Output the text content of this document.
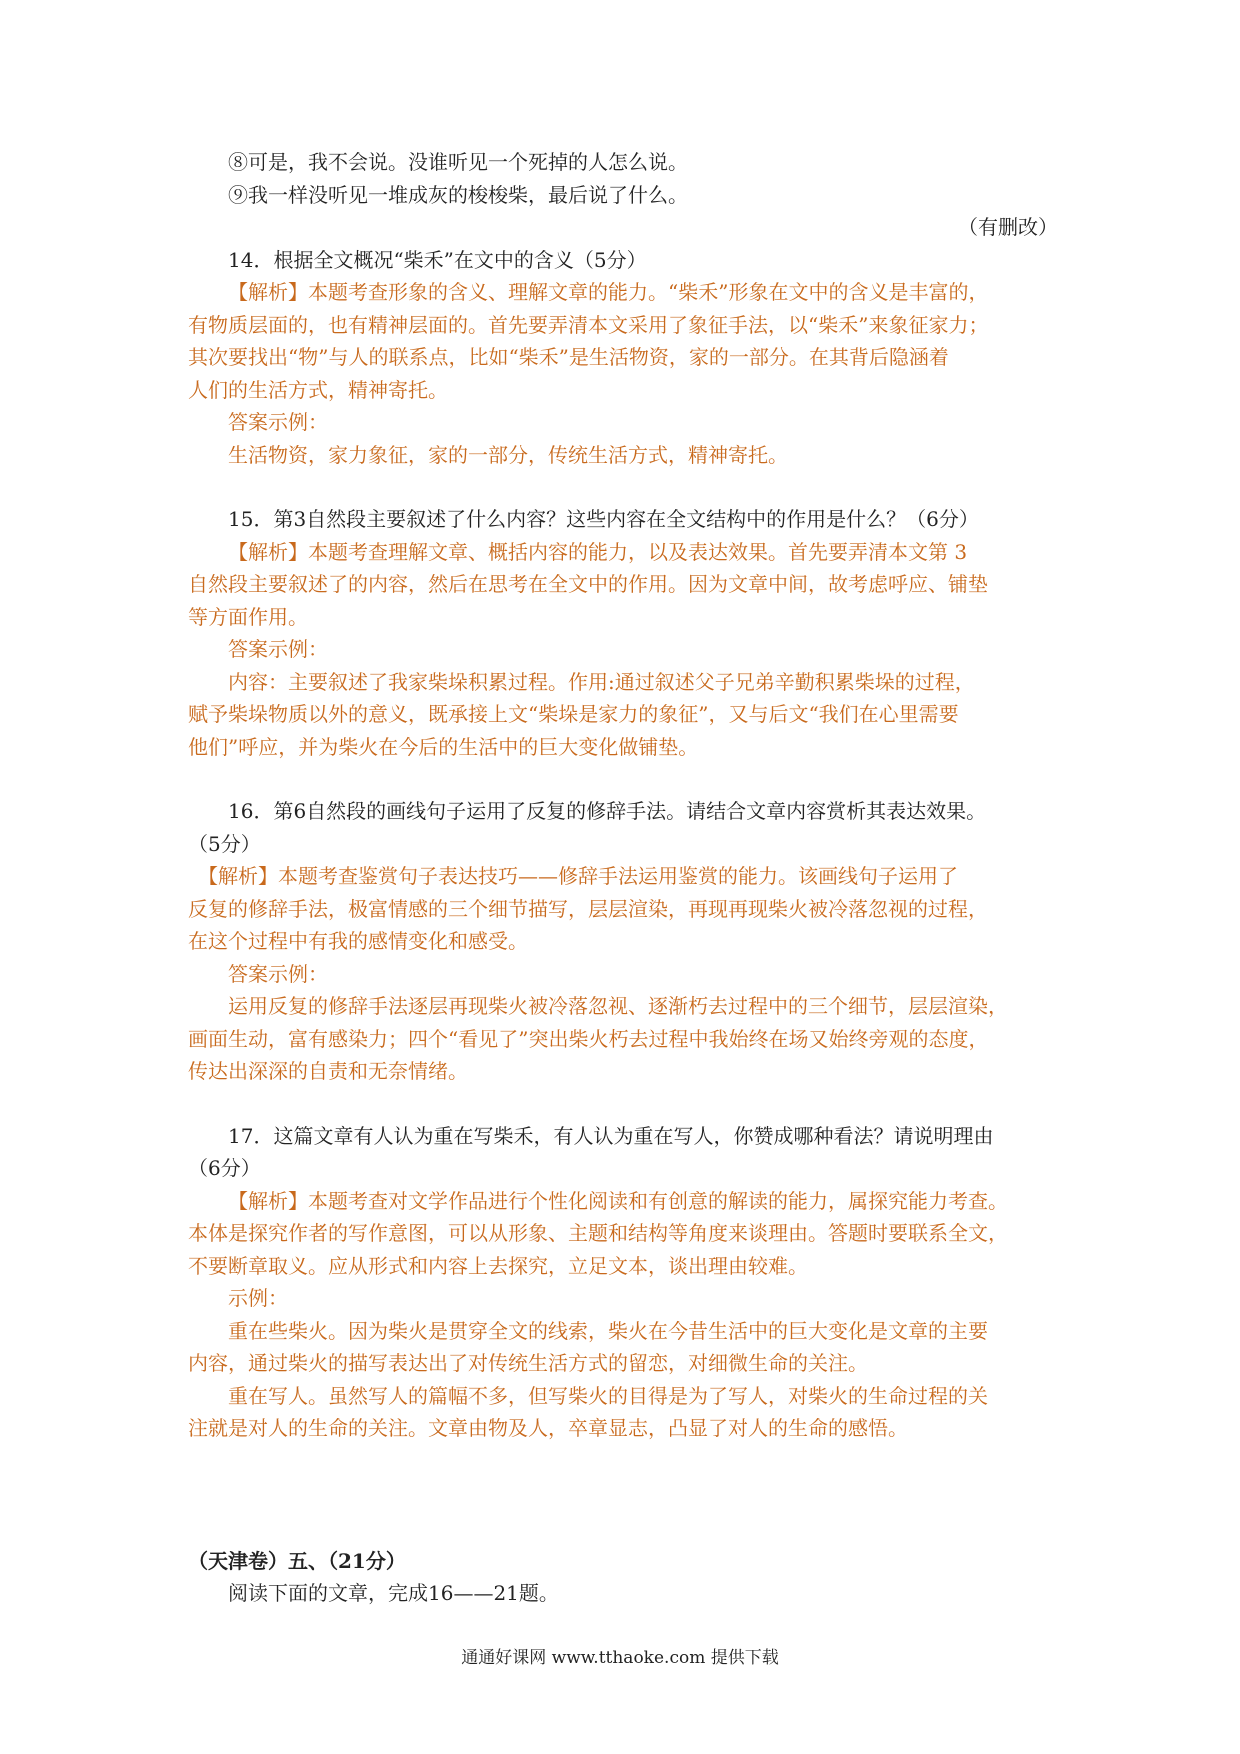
⑧可是，我不会说。没谁听见一个死掉的人怎么说。

⑨我一样没听见一堆成灰的梭梭柴，最后说了什么。

（有删改）

14．根据全文概况“柴禾”在文中的含义（5分）

【解析】本题考查形象的含义、理解文章的能力。“柴禾”形象在文中的含义是丰富的，

有物质层面的，也有精神层面的。首先要弄清本文采用了象征手法，以“柴禾”来象征家力；

其次要找出“物”与人的联系点，比如“柴禾”是生活物资，家的一部分。在其背后隐涵着

人们的生活方式，精神寄托。

答案示例：

生活物资，家力象征，家的一部分，传统生活方式，精神寄托。

15．第3自然段主要叙述了什么内容？这些内容在全文结构中的作用是什么？（6分）

【解析】本题考查理解文章、概括内容的能力，以及表达效果。首先要弄清本文第 3

自然段主要叙述了的内容，然后在思考在全文中的作用。因为文章中间，故考虑呼应、铺垫

等方面作用。

答案示例：

内容：主要叙述了我家柴垛积累过程。作用:通过叙述父子兄弟辛勤积累柴垛的过程，

赋予柴垛物质以外的意义，既承接上文“柴垛是家力的象征”，又与后文“我们在心里需要

他们”呼应，并为柴火在今后的生活中的巨大变化做铺垫。

16．第6自然段的画线句子运用了反复的修辞手法。请结合文章内容赏析其表达效果。

（5分）

【解析】本题考查鉴赏句子表达技巧——修辞手法运用鉴赏的能力。该画线句子运用了

反复的修辞手法，极富情感的三个细节描写，层层渲染，再现再现柴火被冷落忽视的过程，

在这个过程中有我的感情变化和感受。

答案示例：

运用反复的修辞手法逐层再现柴火被冷落忽视、逐渐朽去过程中的三个细节，层层渲染，

画面生动，富有感染力；四个“看见了”突出柴火朽去过程中我始终在场又始终旁观的态度，

传达出深深的自责和无奈情绪。

17．这篇文章有人认为重在写柴禾，有人认为重在写人，你赞成哪种看法？请说明理由

（6分）

【解析】本题考查对文学作品进行个性化阅读和有创意的解读的能力，属探究能力考查。

本体是探究作者的写作意图，可以从形象、主题和结构等角度来谈理由。答题时要联系全文，

不要断章取义。应从形式和内容上去探究，立足文本，谈出理由较难。

示例：

重在些柴火。因为柴火是贯穿全文的线索，柴火在今昔生活中的巨大变化是文章的主要

内容，通过柴火的描写表达出了对传统生活方式的留恋，对细微生命的关注。

重在写人。虽然写人的篇幅不多，但写柴火的目得是为了写人，对柴火的生命过程的关

注就是对人的生命的关注。文章由物及人，卒章显志，凸显了对人的生命的感悟。

（天津卷）五、（21分）

阅读下面的文章，完成16——21题。

通通好课网 www.tthaoke.com 提供下载
